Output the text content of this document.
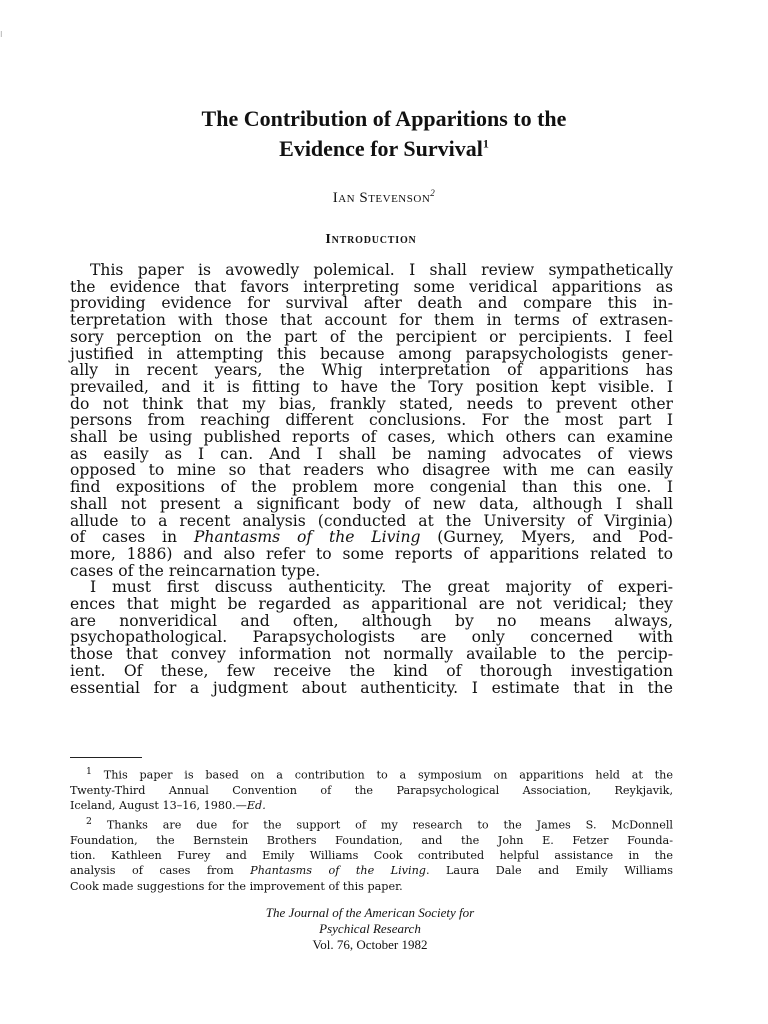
⁝
The Contribution of Apparitions to the
Evidence for Survival$^1$

Ian Stevenson$^2$

Introduction
This paper is avowedly polemical. I shall review sympathetically
the evidence that favors interpreting some veridical apparitions as
providing evidence for survival after death and compare this in-
terpretation with those that account for them in terms of extrasen-
sory perception on the part of the percipient or percipients. I feel
justified in attempting this because among parapsychologists gener-
ally in recent years, the Whig interpretation of apparitions has
prevailed, and it is fitting to have the Tory position kept visible. I
do not think that my bias, frankly stated, needs to prevent other
persons from reaching different conclusions. For the most part I
shall be using published reports of cases, which others can examine
as easily as I can. And I shall be naming advocates of views
opposed to mine so that readers who disagree with me can easily
find expositions of the problem more congenial than this one. I
shall not present a significant body of new data, although I shall
allude to a recent analysis (conducted at the University of Virginia)
of cases in Phantasms of the Living (Gurney, Myers, and Pod-
more, 1886) and also refer to some reports of apparitions related to
cases of the reincarnation type.
I must first discuss authenticity. The great majority of experi-
ences that might be regarded as apparitional are not veridical; they
are nonveridical and often, although by no means always,
psychopathological. Parapsychologists are only concerned with
those that convey information not normally available to the percip-
ient. Of these, few receive the kind of thorough investigation
essential for a judgment about authenticity. I estimate that in the
$^1$ This paper is based on a contribution to a symposium on apparitions held at the
Twenty-Third Annual Convention of the Parapsychological Association, Reykjavik,
Iceland, August 13–16, 1980.—Ed.
$^2$ Thanks are due for the support of my research to the James S. McDonnell
Foundation, the Bernstein Brothers Foundation, and the John E. Fetzer Founda-
tion. Kathleen Furey and Emily Williams Cook contributed helpful assistance in the
analysis of cases from Phantasms of the Living. Laura Dale and Emily Williams
Cook made suggestions for the improvement of this paper.
The Journal of the American Society for
Psychical Research
Vol. 76, October 1982
